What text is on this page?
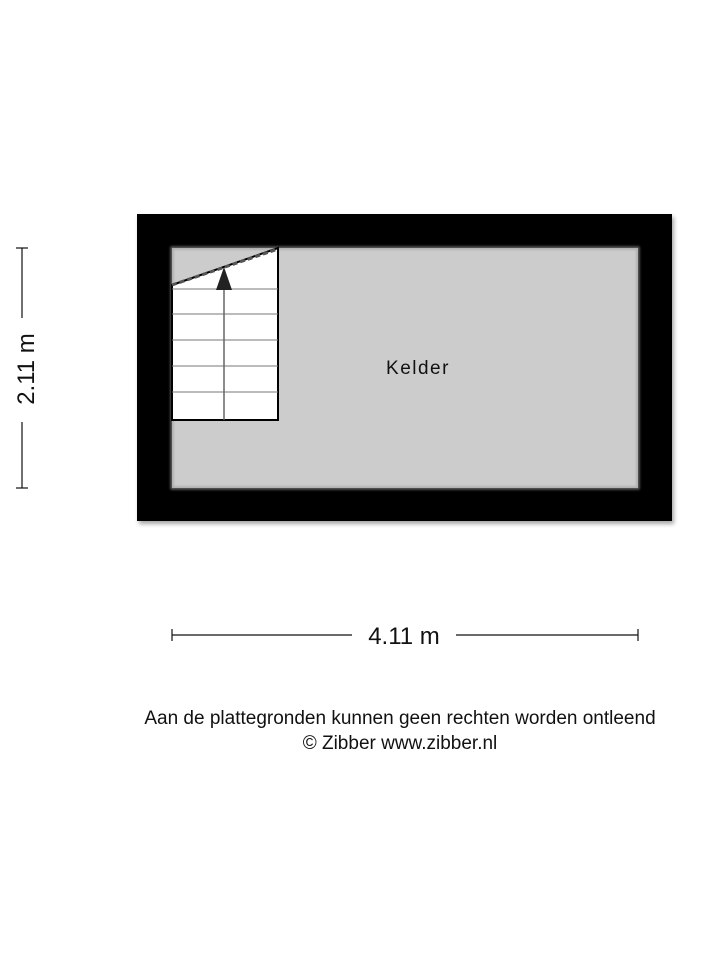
Kelder
2.11 m
4.11 m
Aan de plattegronden kunnen geen rechten worden ontleend
© Zibber www.zibber.nl
